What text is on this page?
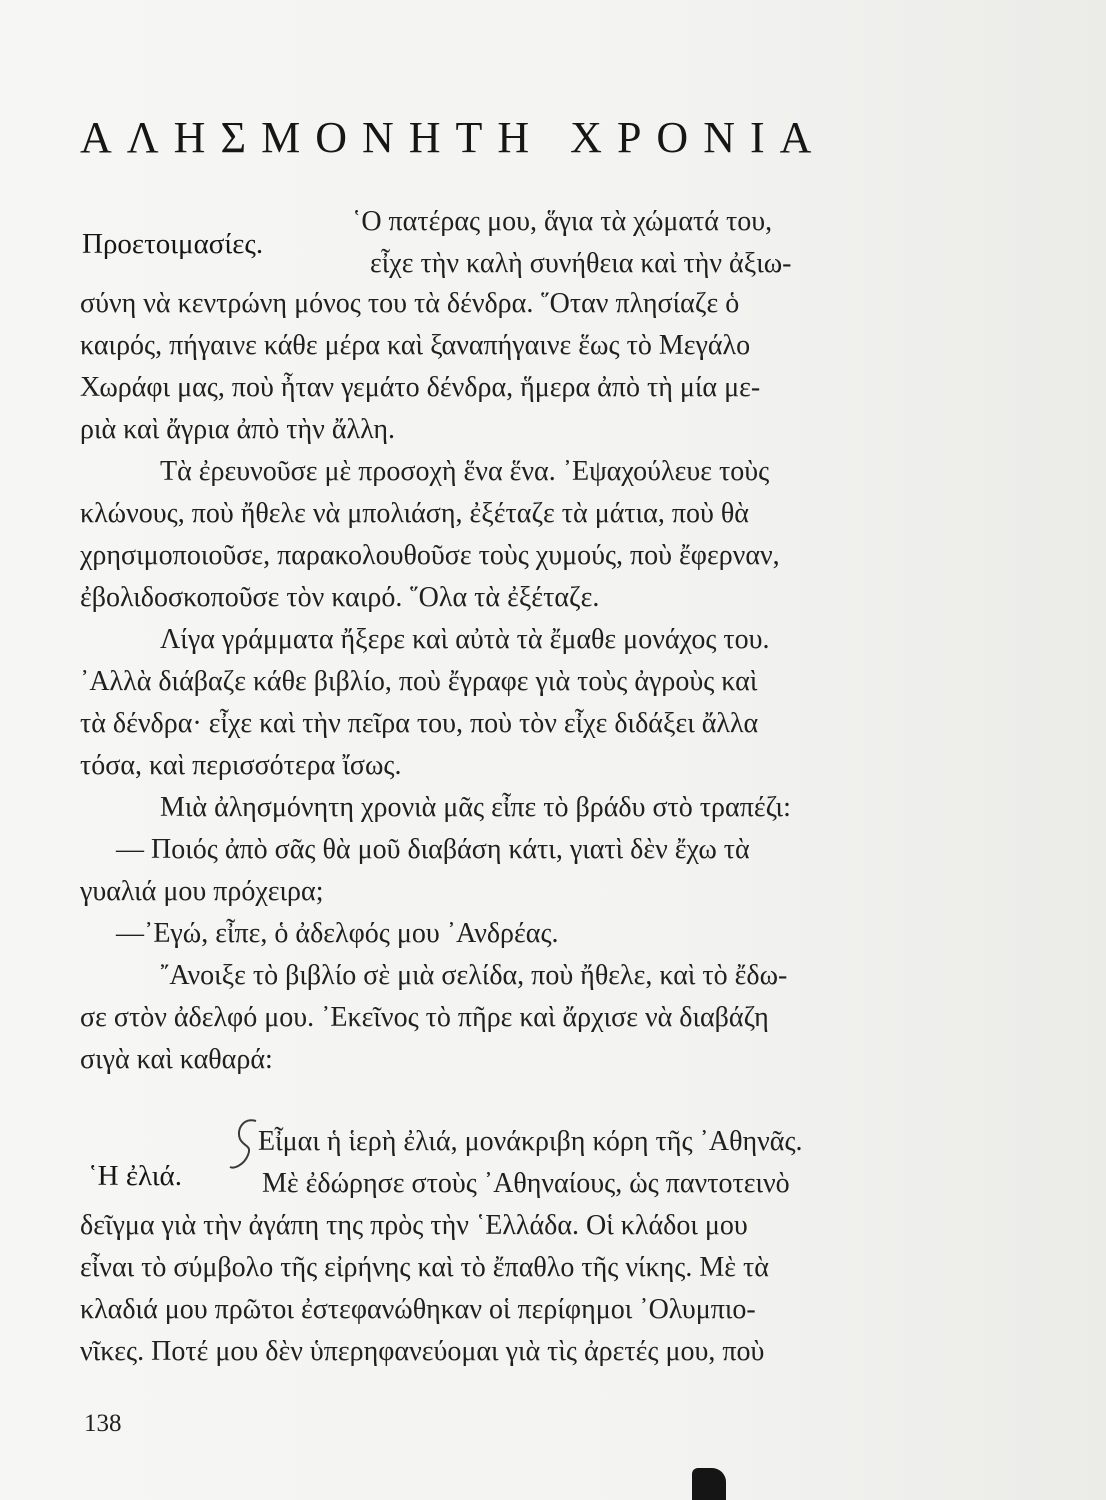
ΑΛΗΣΜΟΝΗΤΗ ΧΡΟΝΙΑ
Προετοιμασίες.
῾Ο πατέρας μου, ἅγια τὰ χώματά του,
εἶχε τὴν καλὴ συνήθεια καὶ τὴν ἀξιω-
σύνη νὰ κεντρώνη μόνος του τὰ δένδρα. ῞Οταν πλησίαζε ὁ
καιρός, πήγαινε κάθε μέρα καὶ ξαναπήγαινε ἕως τὸ Μεγάλο
Χωράφι μας, ποὺ ἦταν γεμάτο δένδρα, ἥμερα ἀπὸ τὴ μία με-
ριὰ καὶ ἄγρια ἀπὸ τὴν ἄλλη.
Τὰ ἐρευνοῦσε μὲ προσοχὴ ἕνα ἕνα. ᾿Εψαχούλευε τοὺς
κλώνους, ποὺ ἤθελε νὰ μπολιάση, ἐξέταζε τὰ μάτια, ποὺ θὰ
χρησιμοποιοῦσε, παρακολουθοῦσε τοὺς χυμούς, ποὺ ἔφερναν,
ἐβολιδοσκοποῦσε τὸν καιρό. ῞Ολα τὰ ἐξέταζε.
Λίγα γράμματα ἤξερε καὶ αὐτὰ τὰ ἔμαθε μονάχος του.
᾿Αλλὰ διάβαζε κάθε βιβλίο, ποὺ ἔγραφε γιὰ τοὺς ἀγροὺς καὶ
τὰ δένδρα· εἶχε καὶ τὴν πεῖρα του, ποὺ τὸν εἶχε διδάξει ἄλλα
τόσα, καὶ περισσότερα ἴσως.
Μιὰ ἀλησμόνητη χρονιὰ μᾶς εἶπε τὸ βράδυ στὸ τραπέζι:
— Ποιός ἀπὸ σᾶς θὰ μοῦ διαβάση κάτι, γιατὶ δὲν ἔχω τὰ
γυαλιά μου πρόχειρα;
—᾿Εγώ, εἶπε, ὁ ἀδελφός μου ᾿Ανδρέας.
῎Ανοιξε τὸ βιβλίο σὲ μιὰ σελίδα, ποὺ ἤθελε, καὶ τὸ ἔδω-
σε στὸν ἀδελφό μου. ᾿Εκεῖνος τὸ πῆρε καὶ ἄρχισε νὰ διαβάζη
σιγὰ καὶ καθαρά:
῾Η ἐλιά.
Εἶμαι ἡ ἱερὴ ἐλιά, μονάκριβη κόρη τῆς ᾿Αθηνᾶς.
Μὲ ἐδώρησε στοὺς ᾿Αθηναίους, ὡς παντοτεινὸ
δεῖγμα γιὰ τὴν ἀγάπη της πρὸς τὴν ῾Ελλάδα. Οἱ κλάδοι μου
εἶναι τὸ σύμβολο τῆς εἰρήνης καὶ τὸ ἔπαθλο τῆς νίκης. Μὲ τὰ
κλαδιά μου πρῶτοι ἐστεφανώθηκαν οἱ περίφημοι ᾿Ολυμπιο-
νῖκες. Ποτέ μου δὲν ὑπερηφανεύομαι γιὰ τὶς ἀρετές μου, ποὺ
138
